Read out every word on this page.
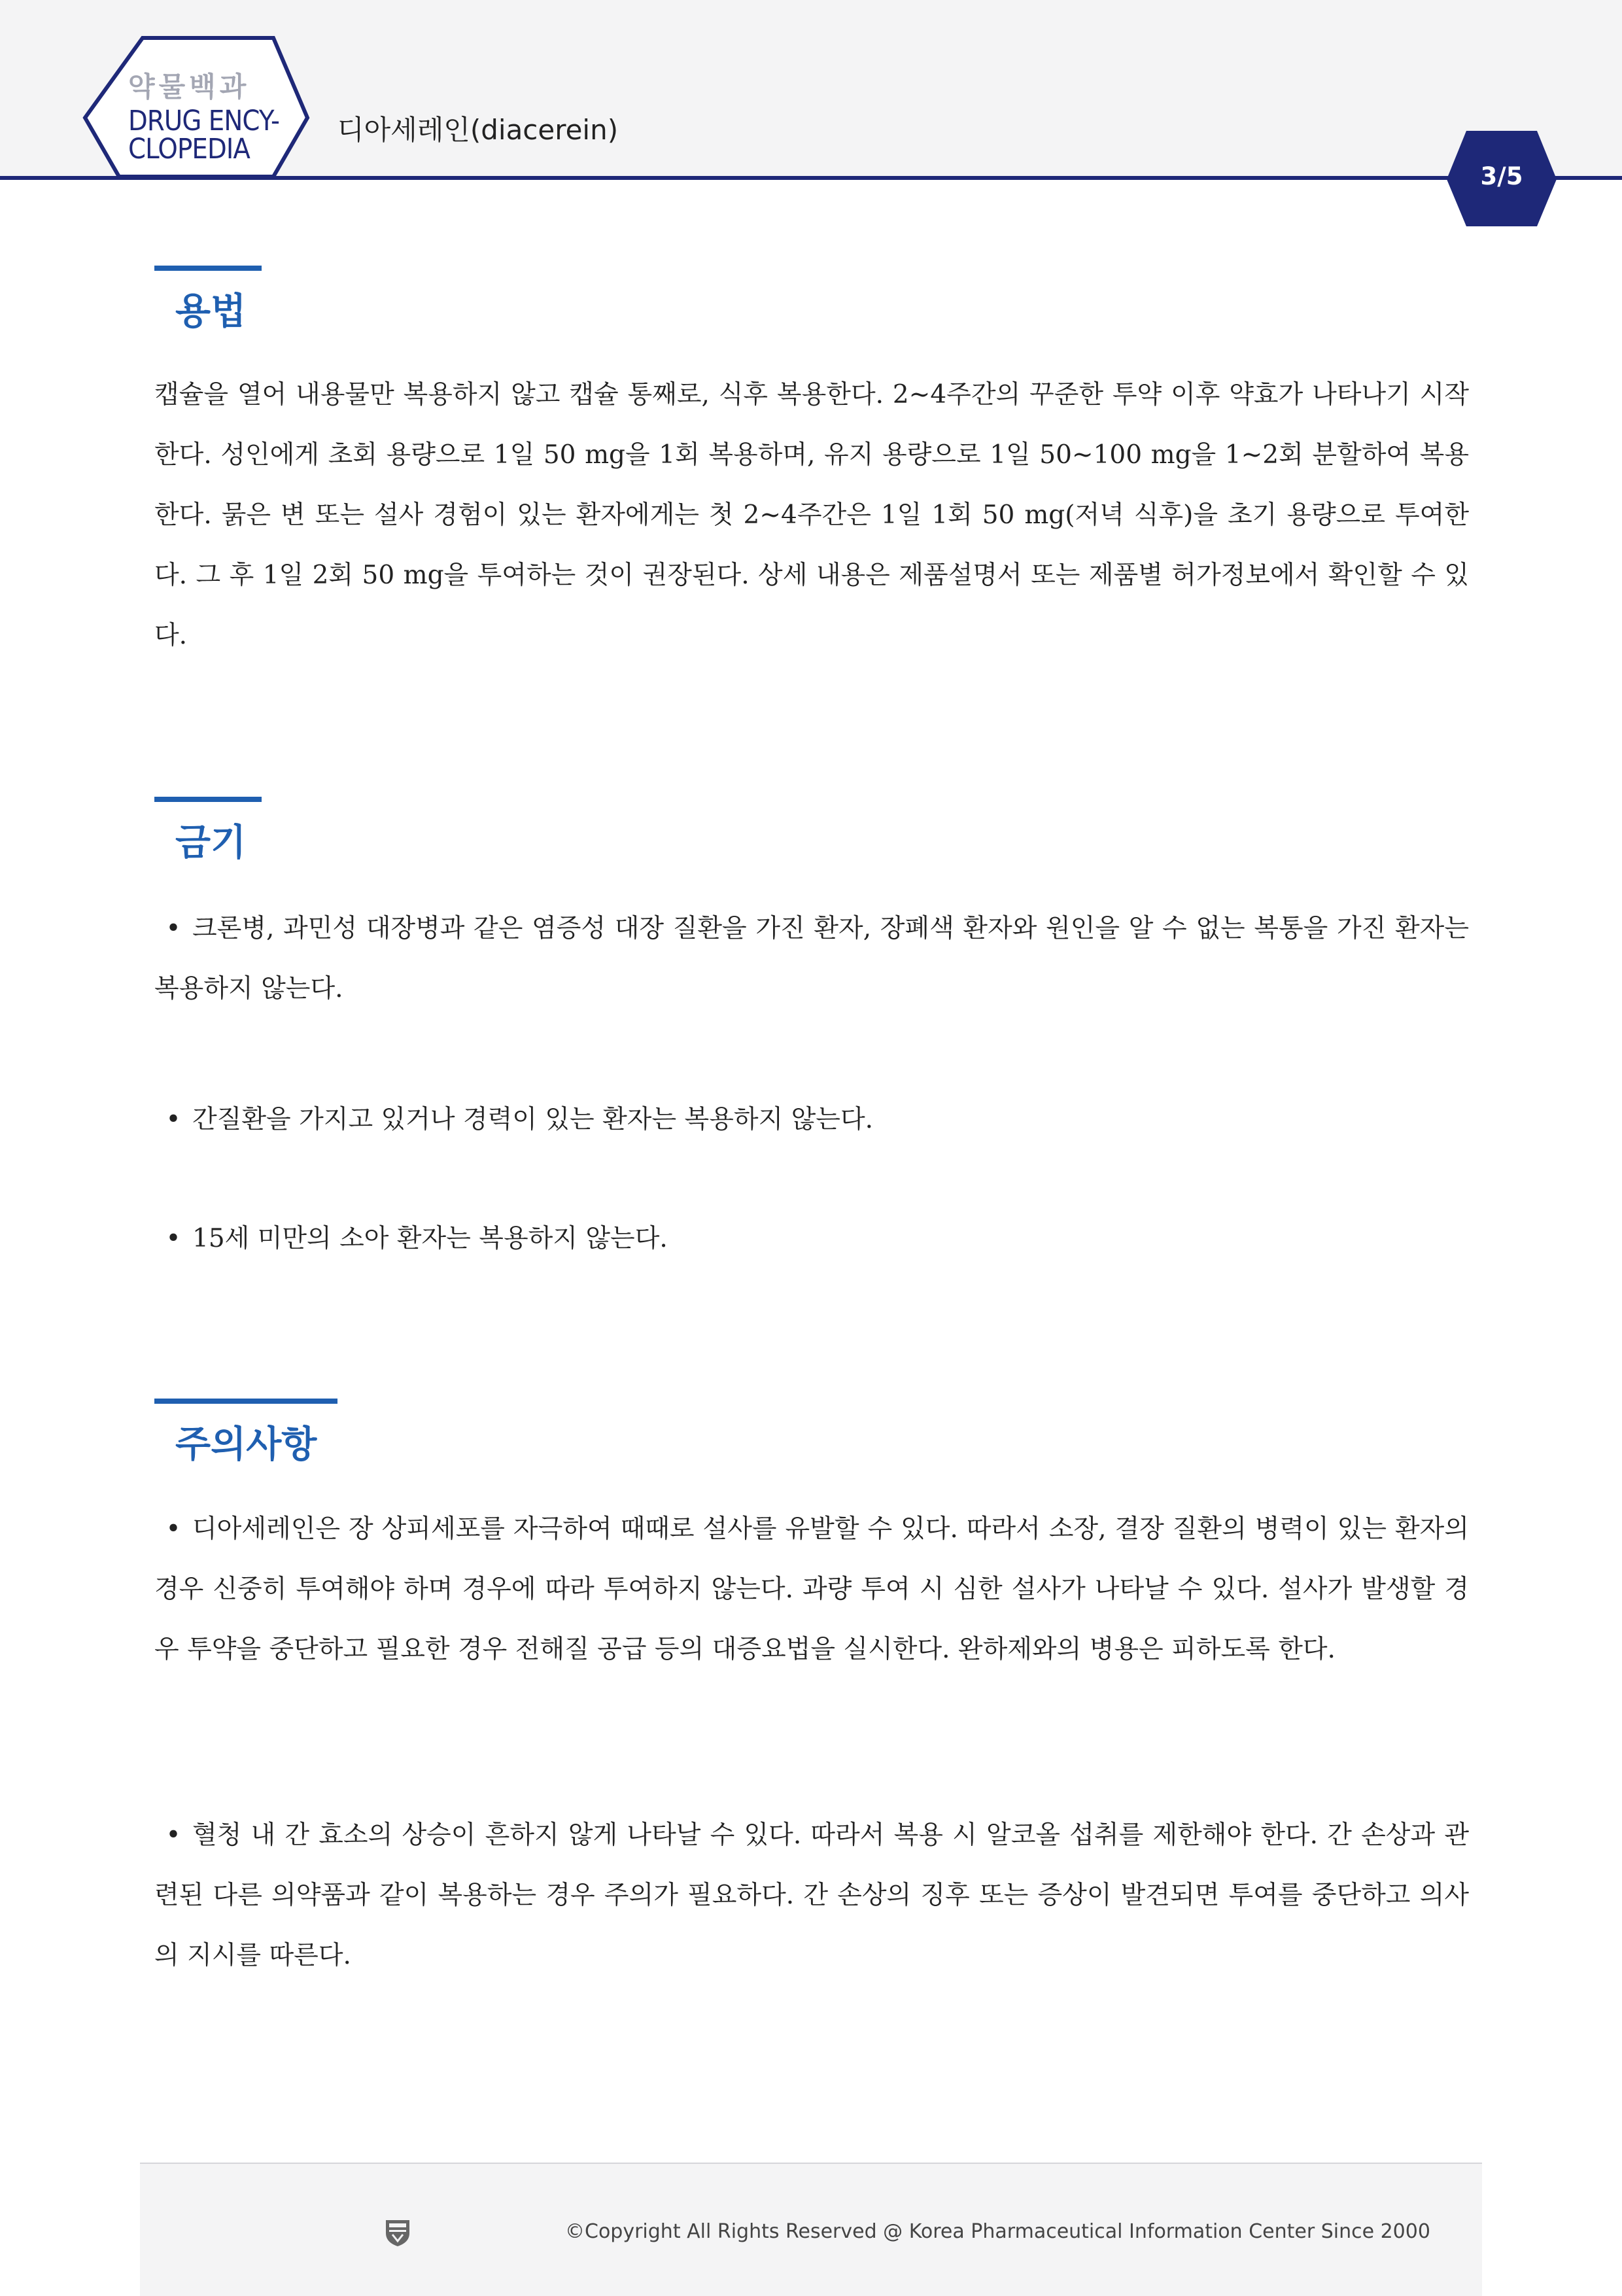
약물백과
DRUG ENCY-
CLOPEDIA
디아세레인(diacerein)
3/5
용법

캡슐을 열어 내용물만 복용하지 않고 캡슐 통째로, 식후 복용한다. 2~4주간의 꾸준한 투약 이후 약효가 나타나기 시작한다. 성인에게 초회 용량으로 1일 50 mg을 1회 복용하며, 유지 용량으로 1일 50~100 mg을 1~2회 분할하여 복용한다. 묽은 변 또는 설사 경험이 있는 환자에게는 첫 2~4주간은 1일 1회 50 mg(저녁 식후)을 초기 용량으로 투여한다. 그 후 1일 2회 50 mg을 투여하는 것이 권장된다. 상세 내용은 제품설명서 또는 제품별 허가정보에서 확인할 수 있다.

금기
• 크론병, 과민성 대장병과 같은 염증성 대장 질환을 가진 환자, 장폐색 환자와 원인을 알 수 없는 복통을 가진 환자는 복용하지 않는다.
• 간질환을 가지고 있거나 경력이 있는 환자는 복용하지 않는다.
• 15세 미만의 소아 환자는 복용하지 않는다.
주의사항
• 디아세레인은 장 상피세포를 자극하여 때때로 설사를 유발할 수 있다. 따라서 소장, 결장 질환의 병력이 있는 환자의 경우 신중히 투여해야 하며 경우에 따라 투여하지 않는다. 과량 투여 시 심한 설사가 나타날 수 있다. 설사가 발생할 경우 투약을 중단하고 필요한 경우 전해질 공급 등의 대증요법을 실시한다. 완하제와의 병용은 피하도록 한다.
• 혈청 내 간 효소의 상승이 흔하지 않게 나타날 수 있다. 따라서 복용 시 알코올 섭취를 제한해야 한다. 간 손상과 관련된 다른 의약품과 같이 복용하는 경우 주의가 필요하다. 간 손상의 징후 또는 증상이 발견되면 투여를 중단하고 의사의 지시를 따른다.
©Copyright All Rights Reserved @ Korea Pharmaceutical Information Center Since 2000
